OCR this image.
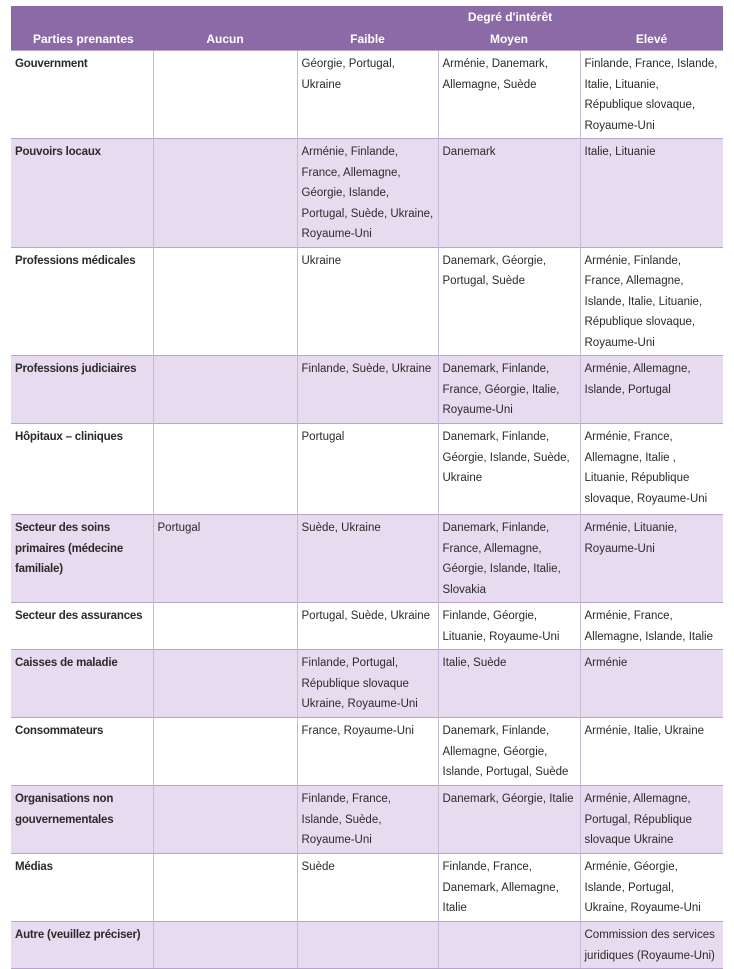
		Degré d'intérêt		
Parties prenantes	Aucun	Faible	Moyen	Elevé
Gouvernment		Géorgie, Portugal, Ukraine	Arménie, Danemark, Allemagne, Suède	Finlande, France, Islande, Italie, Lituanie, République slovaque, Royaume-Uni
Pouvoirs locaux		Arménie, Finlande, France, Allemagne, Géorgie, Islande, Portugal, Suède, Ukraine, Royaume-Uni	Danemark	Italie, Lituanie
Professions médicales		Ukraine	Danemark, Géorgie, Portugal, Suède	Arménie, Finlande, France, Allemagne, Islande, Italie, Lituanie, République slovaque, Royaume-Uni
Professions judiciaires		Finlande, Suède, Ukraine	Danemark, Finlande, France, Géorgie, Italie, Royaume-Uni	Arménie, Allemagne, Islande, Portugal
Hôpitaux – cliniques		Portugal	Danemark, Finlande, Géorgie, Islande, Suède, Ukraine	Arménie, France, Allemagne, Italie , Lituanie, République slovaque, Royaume-Uni
Secteur des soins primaires (médecine familiale)	Portugal	Suède, Ukraine	Danemark, Finlande, France, Allemagne, Géorgie, Islande, Italie, Slovakia	Arménie, Lituanie, Royaume-Uni
Secteur des assurances		Portugal, Suède, Ukraine	Finlande, Géorgie, Lituanie, Royaume-Uni	Arménie, France, Allemagne, Islande, Italie
Caisses de maladie		Finlande, Portugal, République slovaque Ukraine, Royaume-Uni	Italie, Suède	Arménie
Consommateurs		France, Royaume-Uni	Danemark, Finlande, Allemagne, Géorgie, Islande, Portugal, Suède	Arménie, Italie, Ukraine
Organisations non gouvernementales		Finlande, France, Islande, Suède, Royaume-Uni	Danemark, Géorgie, Italie	Arménie, Allemagne, Portugal, République slovaque Ukraine
Médias		Suède	Finlande, France, Danemark, Allemagne, Italie	Arménie, Géorgie, Islande, Portugal, Ukraine, Royaume-Uni
Autre (veuillez préciser)				Commission des services juridiques (Royaume-Uni)
